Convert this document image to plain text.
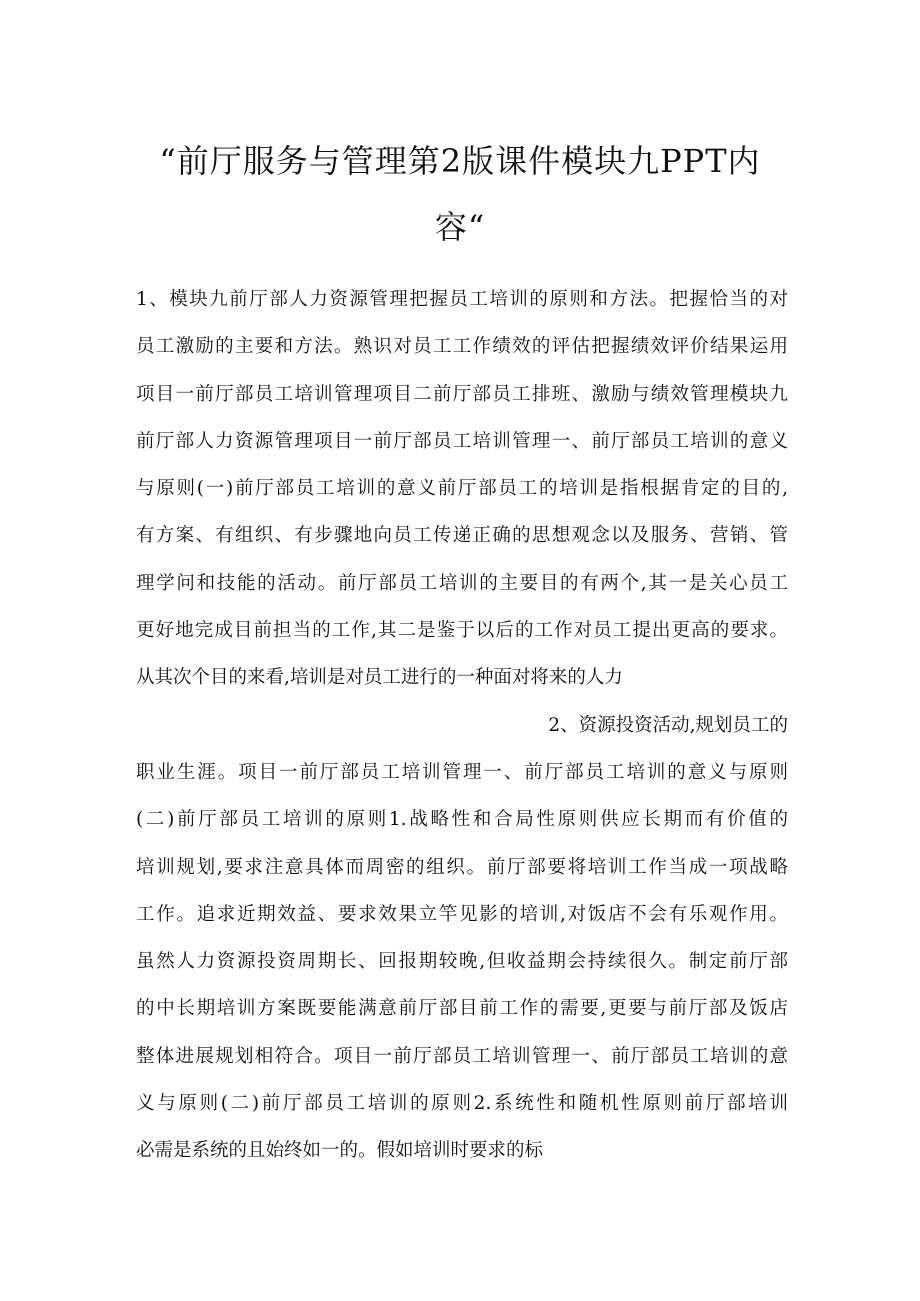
“前厅服务与管理第2版课件模块九PPT内
容“
1、模块九前厅部人力资源管理把握员工培训的原则和方法。把握恰当的对
员工激励的主要和方法。熟识对员工工作绩效的评估把握绩效评价结果运用
项目一前厅部员工培训管理项目二前厅部员工排班、激励与绩效管理模块九
前厅部人力资源管理项目一前厅部员工培训管理一、前厅部员工培训的意义
与原则(一)前厅部员工培训的意义前厅部员工的培训是指根据肯定的目的,
有方案、有组织、有步骤地向员工传递正确的思想观念以及服务、营销、管
理学问和技能的活动。前厅部员工培训的主要目的有两个,其一是关心员工
更好地完成目前担当的工作,其二是鉴于以后的工作对员工提出更高的要求。
从其次个目的来看,培训是对员工进行的一种面对将来的人力
2、资源投资活动,规划员工的
职业生涯。项目一前厅部员工培训管理一、前厅部员工培训的意义与原则
(二)前厅部员工培训的原则1.战略性和合局性原则供应长期而有价值的
培训规划,要求注意具体而周密的组织。前厅部要将培训工作当成一项战略
工作。追求近期效益、要求效果立竿见影的培训,对饭店不会有乐观作用。
虽然人力资源投资周期长、回报期较晚,但收益期会持续很久。制定前厅部
的中长期培训方案既要能满意前厅部目前工作的需要,更要与前厅部及饭店
整体进展规划相符合。项目一前厅部员工培训管理一、前厅部员工培训的意
义与原则(二)前厅部员工培训的原则2.系统性和随机性原则前厅部培训
必需是系统的且始终如一的。假如培训时要求的标
